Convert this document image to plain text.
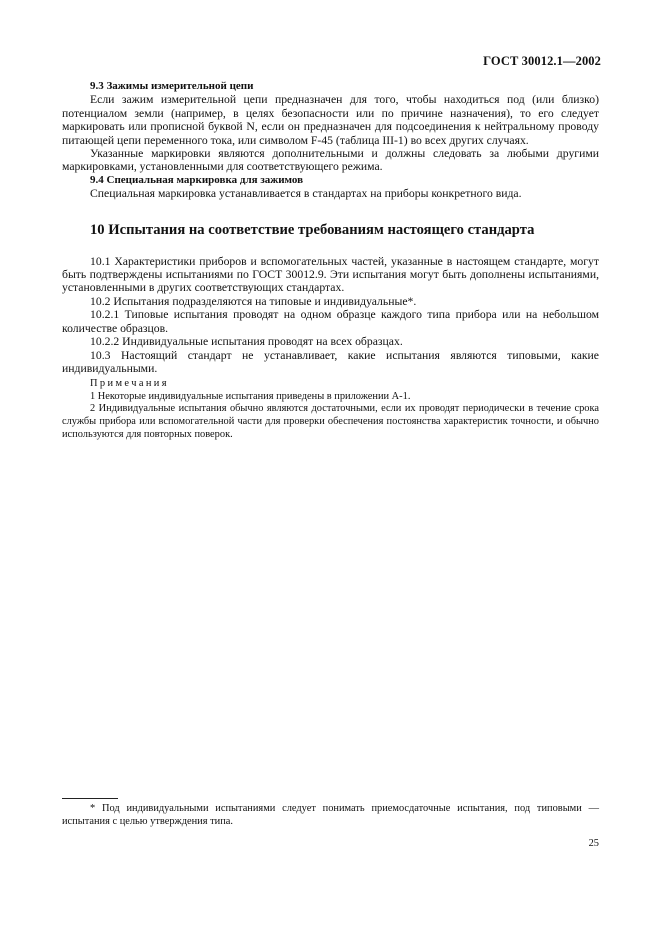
ГОСТ 30012.1—2002

9.3 Зажимы измерительной цепи

Если зажим измерительной цепи предназначен для того, чтобы находиться под (или близко) потенциалом земли (например, в целях безопасности или по причине назначения), то его следует маркировать или прописной буквой N, если он предназначен для подсоединения к нейтральному проводу питающей цепи переменного тока, или символом F-45 (таблица III-1) во всех других случаях.

Указанные маркировки являются дополнительными и должны следовать за любыми другими маркировками, установленными для соответствующего режима.

9.4 Специальная маркировка для зажимов

Специальная маркировка устанавливается в стандартах на приборы конкретного вида.

10 Испытания на соответствие требованиям настоящего стандарта

10.1 Характеристики приборов и вспомогательных частей, указанные в настоящем стандарте, могут быть подтверждены испытаниями по ГОСТ 30012.9. Эти испытания могут быть дополнены испытаниями, установленными в других соответствующих стандартах.

10.2 Испытания подразделяются на типовые и индивидуальные*.

10.2.1 Типовые испытания проводят на одном образце каждого типа прибора или на небольшом количестве образцов.

10.2.2 Индивидуальные испытания проводят на всех образцах.

10.3 Настоящий стандарт не устанавливает, какие испытания являются типовыми, какие индивидуальными.

Примечания

1 Некоторые индивидуальные испытания приведены в приложении А-1.

2 Индивидуальные испытания обычно являются достаточными, если их проводят периодически в течение срока службы прибора или вспомогательной части для проверки обеспечения постоянства характеристик точности, и обычно используются для повторных поверок.

* Под индивидуальными испытаниями следует понимать приемосдаточные испытания, под типовыми — испытания с целью утверждения типа.
25
